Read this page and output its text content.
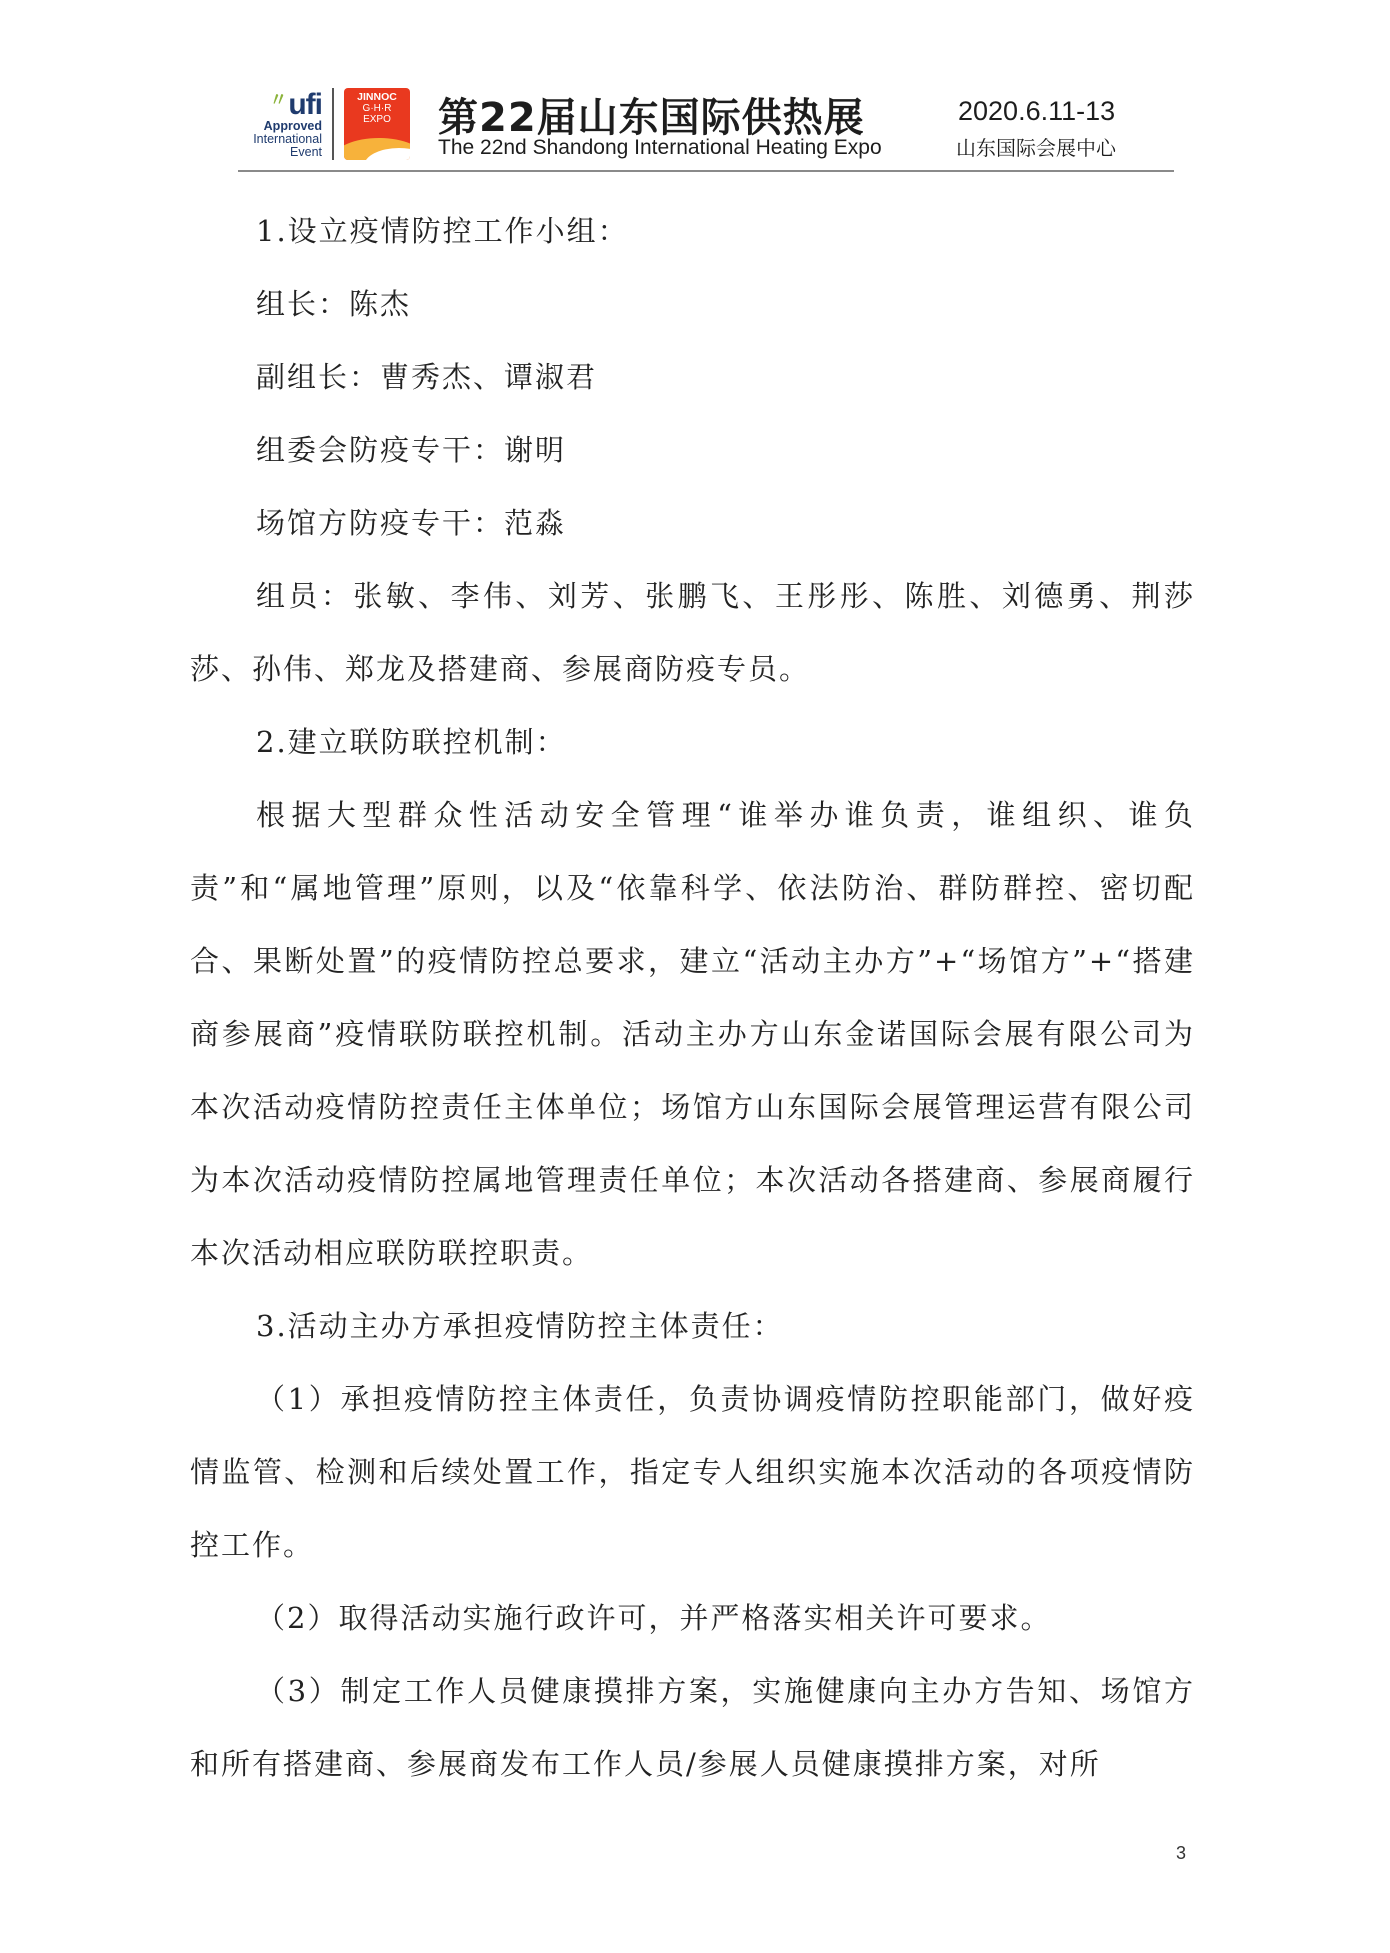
〃ufi
Approved
International
Event
JINNOC
G·H·R
EXPO	第22届山东国际供热展
The 22nd Shandong International Heating Expo
2020.6.11-13
山东国际会展中心

1.设立疫情防控工作小组：

组长：陈杰

副组长：曹秀杰、谭淑君

组委会防疫专干：谢明

场馆方防疫专干：范淼

组员：张敏、李伟、刘芳、张鹏飞、王彤彤、陈胜、刘德勇、荆莎莎、孙伟、郑龙及搭建商、参展商防疫专员。

2.建立联防联控机制：

根据大型群众性活动安全管理“谁举办谁负责，谁组织、谁负责”和“属地管理”原则，以及“依靠科学、依法防治、群防群控、密切配合、果断处置”的疫情防控总要求，建立“活动主办方”+“场馆方”+“搭建商参展商”疫情联防联控机制。活动主办方山东金诺国际会展有限公司为本次活动疫情防控责任主体单位；场馆方山东国际会展管理运营有限公司为本次活动疫情防控属地管理责任单位；本次活动各搭建商、参展商履行本次活动相应联防联控职责。

3.活动主办方承担疫情防控主体责任：

（1）承担疫情防控主体责任，负责协调疫情防控职能部门，做好疫情监管、检测和后续处置工作，指定专人组织实施本次活动的各项疫情防控工作。

（2）取得活动实施行政许可，并严格落实相关许可要求。

（3）制定工作人员健康摸排方案，实施健康向主办方告知、场馆方和所有搭建商、参展商发布工作人员/参展人员健康摸排方案，对所

3
